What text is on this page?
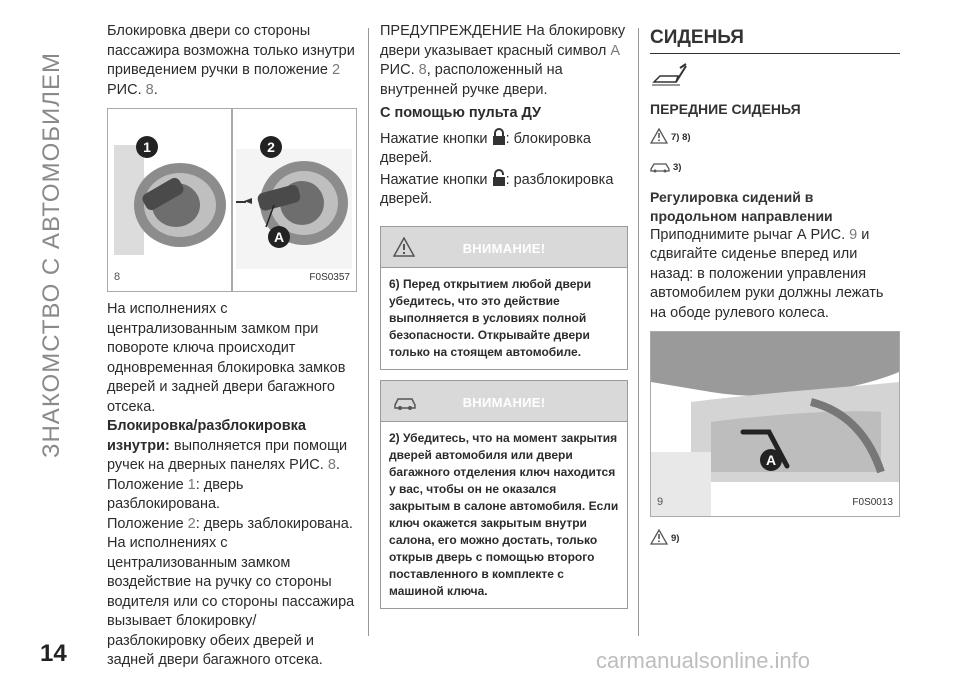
ЗНАКОМСТВО С АВТОМОБИЛЕМ
14	carmanualsonline.info

Блокировка двери со стороны пассажира возможна только изнутри приведением ручки в положение 2 РИС. 8.

1	2
A
8	F0S0357

На исполнениях с централизованным замком при повороте ключа происходит одновременная блокировка замков дверей и задней двери багажного отсека.

Блокировка/разблокировка изнутри: выполняется при помощи ручек на дверных панелях РИС. 8.

Положение 1: дверь разблокирована.

Положение 2: дверь заблокирована.

На исполнениях с централизованным замком воздействие на ручку со стороны водителя или со стороны пассажира вызывает блокировку/ разблокировку обеих дверей и задней двери багажного отсека.

ПРЕДУПРЕЖДЕНИЕ На блокировку двери указывает красный символ А РИС. 8, расположенный на внутренней ручке двери.

С помощью пульта ДУ

Нажатие кнопки : блокировка дверей.

Нажатие кнопки : разблокировка дверей.

ВНИМАНИЕ!
6) Перед открытием любой двери убедитесь, что это действие выполняется в условиях полной безопасности. Открывайте двери только на стоящем автомобиле.
ВНИМАНИЕ!
2) Убедитесь, что на момент закрытия дверей автомобиля или двери багажного отделения ключ находится у вас, чтобы он не оказался закрытым в салоне автомобиля. Если ключ окажется закрытым внутри салона, его можно достать, только открыв дверь с помощью второго поставленного в комплекте с машиной ключа.
СИДЕНЬЯ
ПЕРЕДНИЕ СИДЕНЬЯ
7) 8)
3)

Регулировка сидений в продольном направлении

Приподнимите рычаг А РИС. 9 и сдвигайте сиденье вперед или назад: в положении управления автомобилем руки должны лежать на ободе рулевого колеса.

A
9	F0S0013
9)
